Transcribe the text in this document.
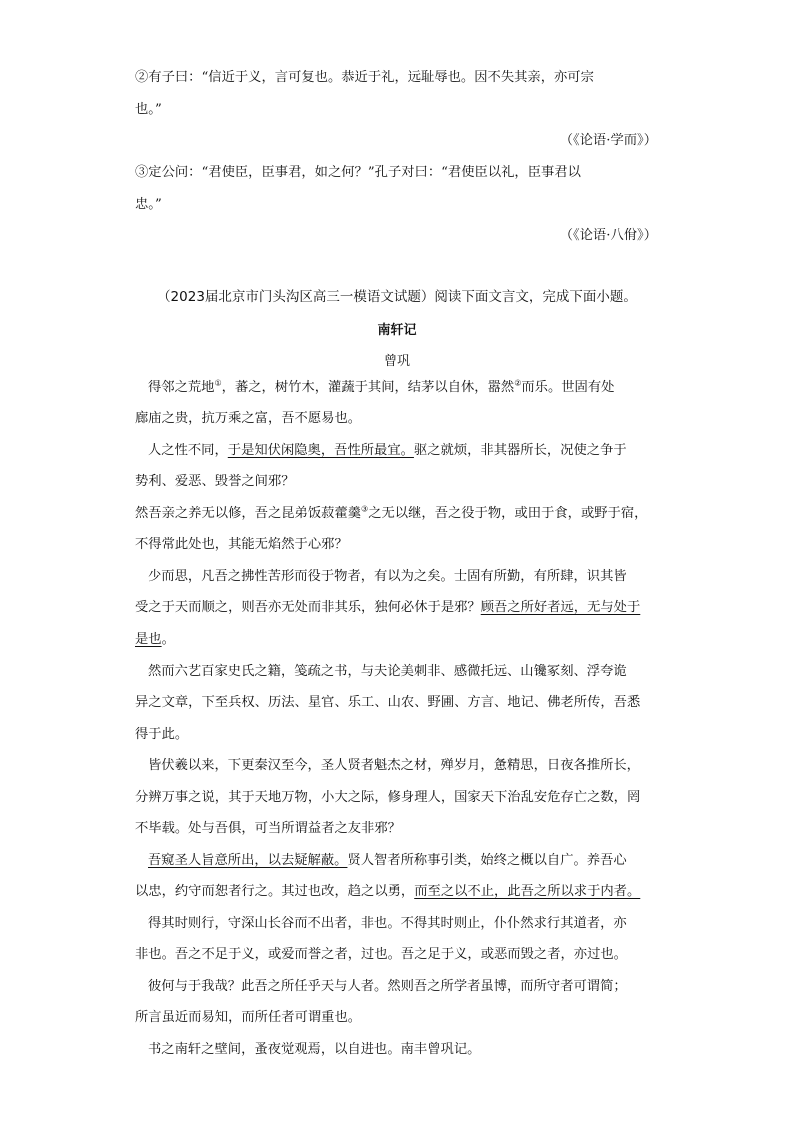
②有子曰：“信近于义，言可复也。恭近于礼，远耻辱也。因不失其亲，亦可宗
也。”
（《论语·学而》）
③定公问：“君使臣，臣事君，如之何？”孔子对曰：“君使臣以礼，臣事君以
忠。”
（《论语·八佾》）
（2023届北京市门头沟区高三一模语文试题）阅读下面文言文，完成下面小题。
南轩记
曾巩
得邻之荒地①，蕃之，树竹木，灌蔬于其间，结茅以自休，嚣然②而乐。世固有处
廊庙之贵，抗万乘之富，吾不愿易也。
人之性不同，于是知伏闲隐奥，吾性所最宜。驱之就烦，非其器所长，况使之争于
势利、爱恶、毁誉之间邪？
然吾亲之养无以修，吾之昆弟饭菽藿羹③之无以继，吾之役于物，或田于食，或野于宿，
不得常此处也，其能无焰然于心邪？
少而思，凡吾之拂性苦形而役于物者，有以为之矣。士固有所勤，有所肆，识其皆
受之于天而顺之，则吾亦无处而非其乐，独何必休于是邪？顾吾之所好者远，无与处于
是也。
然而六艺百家史氏之籍，笺疏之书，与夫论美刺非、感微托远、山镵冢刻、浮夸诡
异之文章，下至兵权、历法、星官、乐工、山农、野圃、方言、地记、佛老所传，吾悉
得于此。
皆伏羲以来，下更秦汉至今，圣人贤者魁杰之材，殚岁月，惫精思，日夜各推所长，
分辨万事之说，其于天地万物，小大之际，修身理人，国家天下治乱安危存亡之数，罔
不毕载。处与吾俱，可当所谓益者之友非邪？
吾窥圣人旨意所出，以去疑解蔽。贤人智者所称事引类，始终之概以自广。养吾心
以忠，约守而恕者行之。其过也改，趋之以勇，而至之以不止，此吾之所以求于内者。
得其时则行，守深山长谷而不出者，非也。不得其时则止，仆仆然求行其道者，亦
非也。吾之不足于义，或爱而誉之者，过也。吾之足于义，或恶而毁之者，亦过也。
彼何与于我哉？此吾之所任乎天与人者。然则吾之所学者虽博，而所守者可谓简；
所言虽近而易知，而所任者可谓重也。
书之南轩之壁间，蚤夜觉观焉，以自进也。南丰曾巩记。
